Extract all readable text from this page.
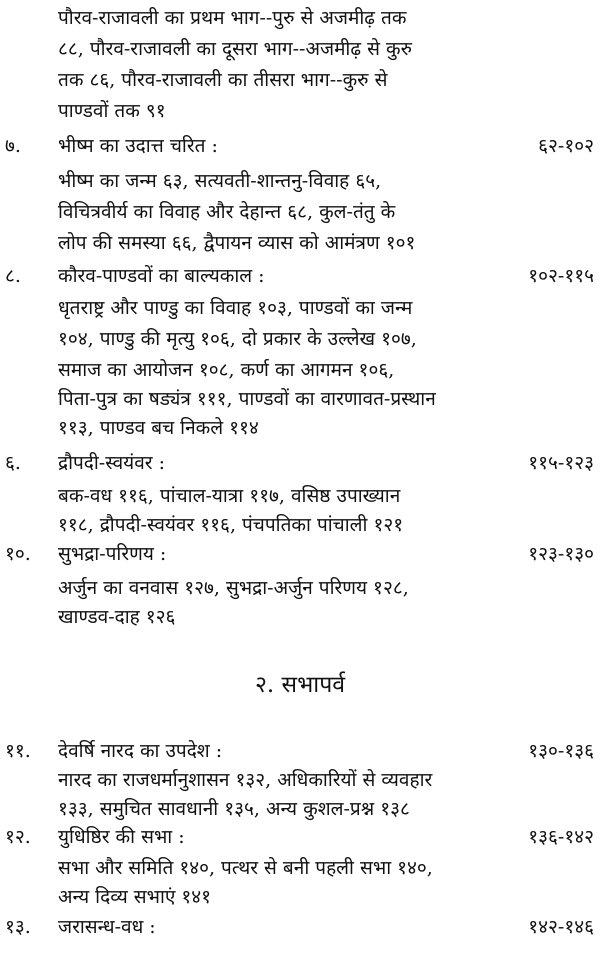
पौरव-राजावली का प्रथम भाग--पुरु से अजमीढ़ तक
८८, पौरव-राजावली का दूसरा भाग--अजमीढ़ से कुरु
तक ८६, पौरव-राजावली का तीसरा भाग--कुरु से
पाण्डवों तक ९१
७. भीष्म का उदात्त चरित :	६२-१०२
भीष्म का जन्म ६३, सत्यवती-शान्तनु-विवाह ६५,
विचित्रवीर्य का विवाह और देहान्त ६८, कुल-तंतु के
लोप की समस्या ६६, द्वैपायन व्यास को आमंत्रण १०१
८. कौरव-पाण्डवों का बाल्यकाल :	१०२-११५
धृतराष्ट्र और पाण्डु का विवाह १०३, पाण्डवों का जन्म
१०४, पाण्डु की मृत्यु १०६, दो प्रकार के उल्लेख १०७,
समाज का आयोजन १०८, कर्ण का आगमन १०६,
पिता-पुत्र का षड्यंत्र १११, पाण्डवों का वारणावत-प्रस्थान
११३, पाण्डव बच निकले ११४
६. द्रौपदी-स्वयंवर :	११५-१२३
बक-वध ११६, पांचाल-यात्रा ११७, वसिष्ठ उपाख्यान
११८, द्रौपदी-स्वयंवर ११६, पंचपतिका पांचाली १२१
१०. सुभद्रा-परिणय :	१२३-१३०
अर्जुन का वनवास १२७, सुभद्रा-अर्जुन परिणय १२८,
खाण्डव-दाह १२६
२. सभापर्व
११. देवर्षि नारद का उपदेश :	१३०-१३६
नारद का राजधर्मानुशासन १३२, अधिकारियों से व्यवहार
१३३, समुचित सावधानी १३५, अन्य कुशल-प्रश्न १३८
१२. युधिष्ठिर की सभा :	१३६-१४२
सभा और समिति १४०, पत्थर से बनी पहली सभा १४०,
अन्य दिव्य सभाएं १४१
१३. जरासन्ध-वध :	१४२-१४६
